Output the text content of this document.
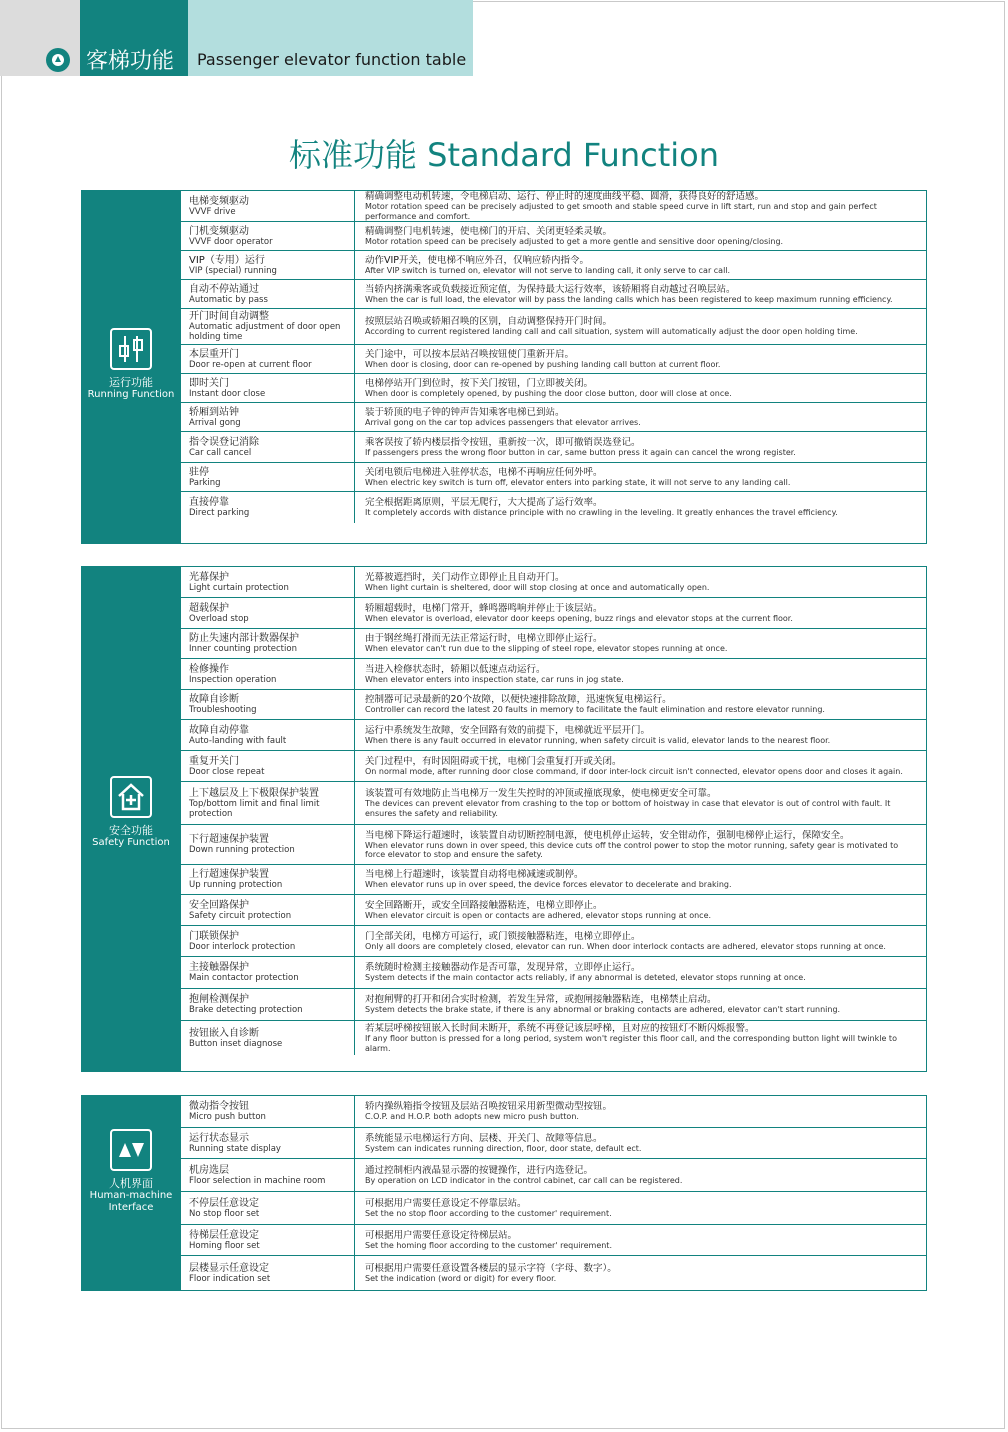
客梯功能 Passenger elevator function table
标准功能 Standard Function
运行功能
Running Function
电梯变频驱动
VVVF drive
精确调整电动机转速，令电梯启动、运行、停止时的速度曲线平稳、圆滑，获得良好的舒适感。
Motor rotation speed can be precisely adjusted to get smooth and stable speed curve in lift start, run and stop and gain perfect performance and comfort.
门机变频驱动
VVVF door operator
精确调整门电机转速，使电梯门的开启、关闭更轻柔灵敏。
Motor rotation speed can be precisely adjusted to get a more gentle and sensitive door opening/closing.
VIP（专用）运行
VIP (special) running
动作VIP开关，使电梯不响应外召，仅响应轿内指令。
After VIP switch is turned on, elevator will not serve to landing call, it only serve to car call.
自动不停站通过
Automatic by pass
当轿内挤满乘客或负载接近预定值，为保持最大运行效率，该轿厢将自动越过召唤层站。
When the car is full load, the elevator will by pass the landing calls which has been registered to keep maximum running efficiency.
开门时间自动调整
Automatic adjustment of door open holding time
按照层站召唤或轿厢召唤的区别，自动调整保持开门时间。
According to current registered landing call and call situation, system will automatically adjust the door open holding time.
本层重开门
Door re-open at current floor
关门途中，可以按本层站召唤按钮使门重新开启。
When door is closing, door can re-opened by pushing landing call button at current floor.
即时关门
Instant door close
电梯停站开门到位时，按下关门按钮，门立即被关闭。
When door is completely opened, by pushing the door close button, door will close at once.
轿厢到站钟
Arrival gong
装于轿顶的电子钟的钟声告知乘客电梯已到站。
Arrival gong on the car top advices passengers that elevator arrives.
指令误登记消除
Car call cancel
乘客误按了轿内楼层指令按钮，重新按一次，即可撤销误选登记。
If passengers press the wrong floor button in car, same button press it again can cancel the wrong register.
驻停
Parking
关闭电锁后电梯进入驻停状态，电梯不再响应任何外呼。
When electric key switch is turn off, elevator enters into parking state, it will not serve to any landing call.
直接停靠
Direct parking
完全根据距离原则，平层无爬行，大大提高了运行效率。
It completely accords with distance principle with no crawling in the leveling. It greatly enhances the travel efficiency.
安全功能
Safety Function
光幕保护
Light curtain protection
光幕被遮挡时，关门动作立即停止且自动开门。
When light curtain is sheltered, door will stop closing at once and automatically open.
超载保护
Overload stop
轿厢超载时，电梯门常开，蜂鸣器鸣响并停止于该层站。
When elevator is overload, elevator door keeps opening, buzz rings and elevator stops at the current floor.
防止失速内部计数器保护
Inner counting protection
由于钢丝绳打滑而无法正常运行时，电梯立即停止运行。
When elevator can't run due to the slipping of steel rope, elevator stopes running at once.
检修操作
Inspection operation
当进入检修状态时，轿厢以低速点动运行。
When elevator enters into inspection state, car runs in jog state.
故障自诊断
Troubleshooting
控制器可记录最新的20个故障，以便快速排除故障，迅速恢复电梯运行。
Controller can record the latest 20 faults in memory to facilitate the fault elimination and restore elevator running.
故障自动停靠
Auto-landing with fault
运行中系统发生故障，安全回路有效的前提下，电梯就近平层开门。
When there is any fault occurred in elevator running, when safety circuit is valid, elevator lands to the nearest floor.
重复开关门
Door close repeat
关门过程中，有时因阻碍或干扰，电梯门会重复打开或关闭。
On normal mode, after running door close command, if door inter-lock circuit isn't connected, elevator opens door and closes it again.
上下越层及上下极限保护装置
Top/bottom limit and final limit protection
该装置可有效地防止当电梯万一发生失控时的冲顶或撞底现象，使电梯更安全可靠。
The devices can prevent elevator from crashing to the top or bottom of hoistway in case that elevator is out of control with fault. It ensures the safety and reliability.
下行超速保护装置
Down running protection
当电梯下降运行超速时，该装置自动切断控制电源，使电机停止运转，安全钳动作，强制电梯停止运行，保障安全。
When elevator runs down in over speed, this device cuts off the control power to stop the motor running, safety gear is motivated to force elevator to stop and ensure the safety.
上行超速保护装置
Up running protection
当电梯上行超速时，该装置自动将电梯减速或制停。
When elevator runs up in over speed, the device forces elevator to decelerate and braking.
安全回路保护
Safety circuit protection
安全回路断开，或安全回路接触器粘连，电梯立即停止。
When elevator circuit is open or contacts are adhered, elevator stops running at once.
门联锁保护
Door interlock protection
门全部关闭，电梯方可运行，或门锁接触器粘连，电梯立即停止。
Only all doors are completely closed, elevator can run. When door interlock contacts are adhered, elevator stops running at once.
主接触器保护
Main contactor protection
系统随时检测主接触器动作是否可靠，发现异常，立即停止运行。
System detects if the main contactor acts reliably, if any abnormal is deteted, elevator stops running at once.
抱闸检测保护
Brake detecting protection
对抱闸臂的打开和闭合实时检测，若发生异常，或抱闸接触器粘连，电梯禁止启动。
System detects the brake state, if there is any abnormal or braking contacts are adhered, elevator can't start running.
按钮嵌入自诊断
Button inset diagnose
若某层呼梯按钮嵌入长时间未断开，系统不再登记该层呼梯，且对应的按钮灯不断闪烁报警。
If any floor button is pressed for a long period, system won't register this floor call, and the corresponding button light will twinkle to alarm.
人机界面
Human-machine Interface
微动指令按钮
Micro push button
轿内操纵箱指令按钮及层站召唤按钮采用新型微动型按钮。
C.O.P. and H.O.P. both adopts new micro push button.
运行状态显示
Running state display
系统能显示电梯运行方向、层楼、开关门、故障等信息。
System can indicates running direction, floor, door state, default ect.
机房选层
Floor selection in machine room
通过控制柜内液晶显示器的按键操作，进行内选登记。
By operation on LCD indicator in the control cabinet, car call can be registered.
不停层任意设定
No stop floor set
可根据用户需要任意设定不停靠层站。
Set the no stop floor according to the customer' requirement.
待梯层任意设定
Homing floor set
可根据用户需要任意设定待梯层站。
Set the homing floor according to the customer' requirement.
层楼显示任意设定
Floor indication set
可根据用户需要任意设置各楼层的显示字符（字母、数字）。
Set the indication (word or digit) for every floor.
